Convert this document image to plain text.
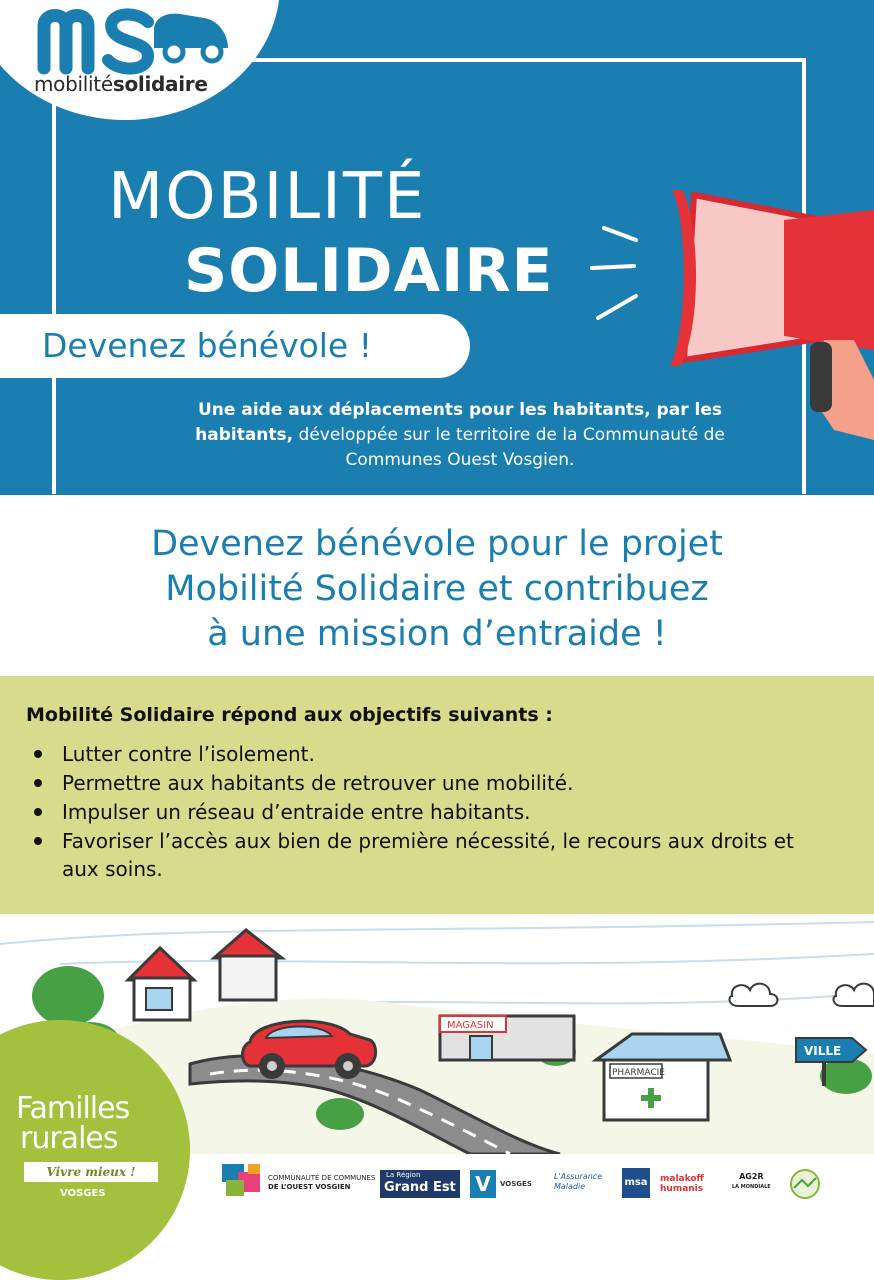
Devenez bénévole !
MOBILITÉ
SOLIDAIRE
Une aide aux déplacements pour les habitants, par les habitants, développée sur le territoire de la Communauté de Communes Ouest Vosgien.
mobilitésolidaire
Devenez bénévole pour le projet
Mobilité Solidaire et contribuez
à une mission d’entraide !
Mobilité Solidaire répond aux objectifs suivants :
Lutter contre l’isolement.
Permettre aux habitants de retrouver une mobilité.
Impulser un réseau d’entraide entre habitants.
Favoriser l’accès aux bien de première nécessité, le recours aux droits et aux soins.
MAGASIN
PHARMACIE
VILLE
Familles
rurales
Vivre mieux !
VOSGES
COMMUNAUTÉ DE COMMUNES
DE L’OUEST VOSGIEN
La Région
Grand Est V	VOSGES
L'Assurance
Maladie	msa malakoff
humanis
AG2R
LA MONDIALE
